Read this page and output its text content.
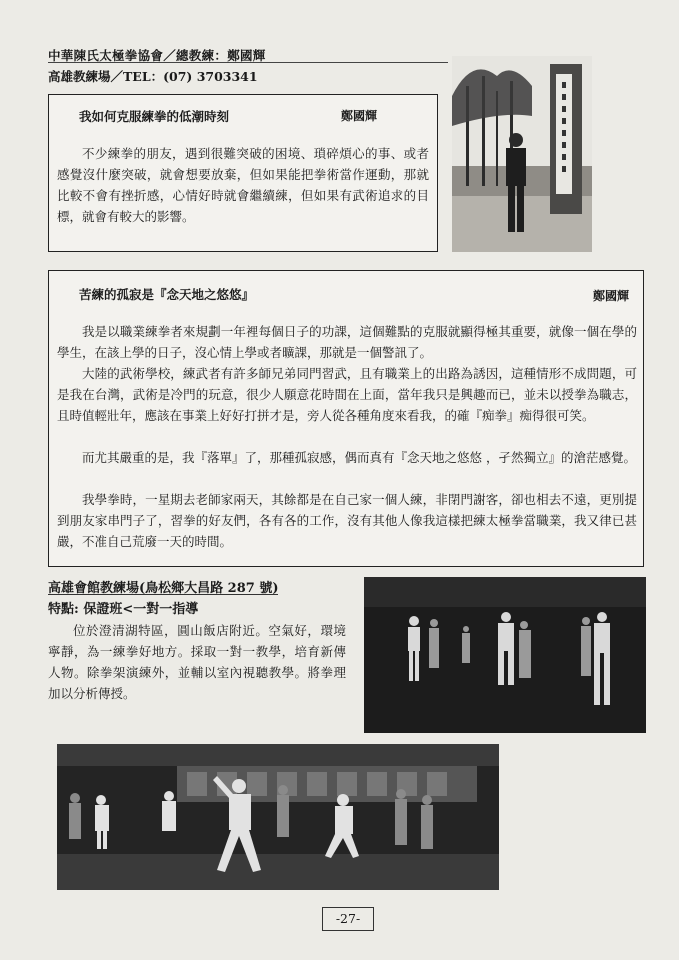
中華陳氏太極拳協會／總教練：鄭國輝
高雄教練場／TEL：(07) 3703341
我如何克服練拳的低潮時刻	鄭國輝
不少練拳的朋友，遇到很難突破的困境、瑣碎煩心的事、或者感覺沒什麼突破，就會想要放棄，但如果能把拳術當作運動，那就比較不會有挫折感，心情好時就會繼續練，但如果有武術追求的目標，就會有較大的影響。
苦練的孤寂是『念天地之悠悠』	鄭國輝
我是以職業練拳者來規劃一年裡每個日子的功課，這個難點的克服就顯得極其重要，就像一個在學的學生，在該上學的日子，沒心情上學或者曠課，那就是一個警訊了。
大陸的武術學校，練武者有許多師兄弟同門習武，且有職業上的出路為誘因，這種情形不成問題，可是我在台灣，武術是冷門的玩意，很少人願意花時間在上面，當年我只是興趣而已，並未以授拳為職志，且時值輕壯年，應該在事業上好好打拼才是，旁人從各種角度來看我，的確『痴拳』痴得很可笑。
而尤其嚴重的是，我『落單』了，那種孤寂感，偶而真有『念天地之悠悠 ，孑然獨立』的滄茫感覺。
我學拳時，一星期去老師家兩天，其餘都是在自己家一個人練，非閉門謝客，卻也相去不遠，更別提到朋友家串門子了，習拳的好友們，各有各的工作，沒有其他人像我這樣把練太極拳當職業，我又律已甚嚴，不准自己荒廢一天的時間。
高雄會館教練場(鳥松鄉大昌路 287 號)
特點: 保證班<一對一指導
位於澄清湖特區，圓山飯店附近。空氣好，環境寧靜，為一練拳好地方。採取一對一教學，培育新傳人物。除拳架演練外，並輔以室內視聽教學。將拳理加以分析傳授。
-27-
